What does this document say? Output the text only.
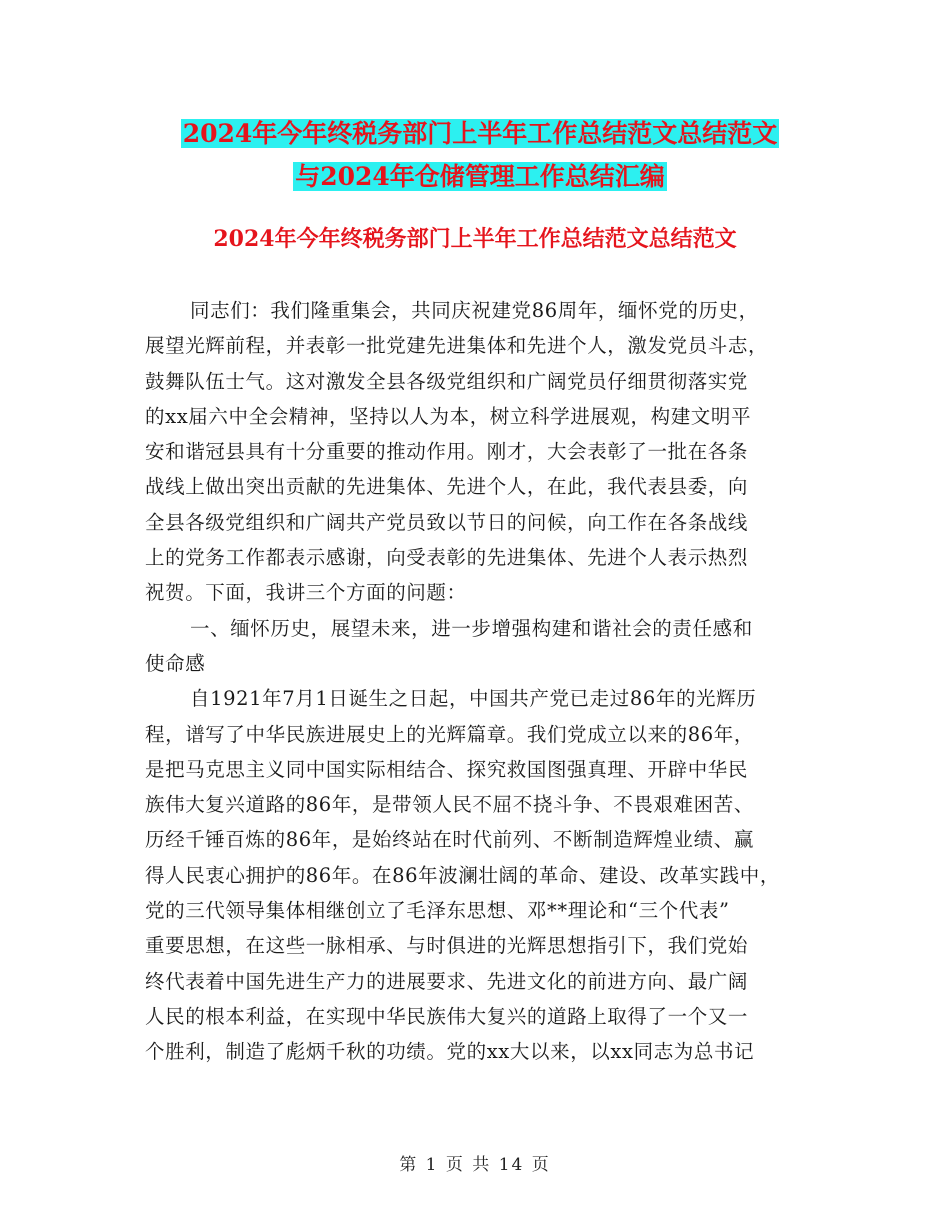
2024年今年终税务部门上半年工作总结范文总结范文
与2024年仓储管理工作总结汇编
2024年今年终税务部门上半年工作总结范文总结范文
同志们：我们隆重集会，共同庆祝建党86周年，缅怀党的历史，
展望光辉前程，并表彰一批党建先进集体和先进个人，激发党员斗志，
鼓舞队伍士气。这对激发全县各级党组织和广阔党员仔细贯彻落实党
的xx届六中全会精神，坚持以人为本，树立科学进展观，构建文明平
安和谐冠县具有十分重要的推动作用。刚才，大会表彰了一批在各条
战线上做出突出贡献的先进集体、先进个人，在此，我代表县委，向
全县各级党组织和广阔共产党员致以节日的问候，向工作在各条战线
上的党务工作都表示感谢，向受表彰的先进集体、先进个人表示热烈
祝贺。下面，我讲三个方面的问题：
一、缅怀历史，展望未来，进一步增强构建和谐社会的责任感和
使命感
自1921年7月1日诞生之日起，中国共产党已走过86年的光辉历
程，谱写了中华民族进展史上的光辉篇章。我们党成立以来的86年，
是把马克思主义同中国实际相结合、探究救国图强真理、开辟中华民
族伟大复兴道路的86年，是带领人民不屈不挠斗争、不畏艰难困苦、
历经千锤百炼的86年，是始终站在时代前列、不断制造辉煌业绩、赢
得人民衷心拥护的86年。在86年波澜壮阔的革命、建设、改革实践中，
党的三代领导集体相继创立了毛泽东思想、邓**理论和“三个代表”
重要思想，在这些一脉相承、与时俱进的光辉思想指引下，我们党始
终代表着中国先进生产力的进展要求、先进文化的前进方向、最广阔
人民的根本利益，在实现中华民族伟大复兴的道路上取得了一个又一
个胜利，制造了彪炳千秋的功绩。党的xx大以来，以xx同志为总书记
第 1 页 共 14 页
